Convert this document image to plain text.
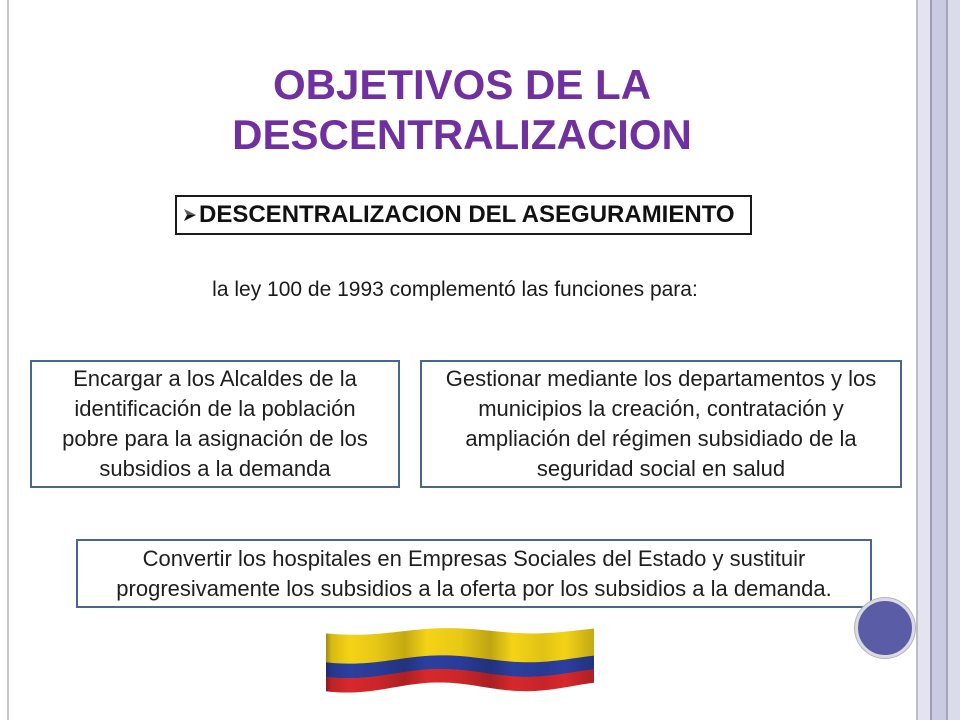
OBJETIVOS DE LA
DESCENTRALIZACION
DESCENTRALIZACION DEL ASEGURAMIENTO
la ley 100 de 1993 complementó las funciones para:
Encargar a los Alcaldes de la
identificación de la población
pobre para la asignación de los
subsidios a la demanda
Gestionar mediante los departamentos y los
municipios la creación, contratación y
ampliación del régimen subsidiado de la
seguridad social en salud
Convertir los hospitales en Empresas Sociales del Estado y sustituir
progresivamente los subsidios a la oferta por los subsidios a la demanda.
